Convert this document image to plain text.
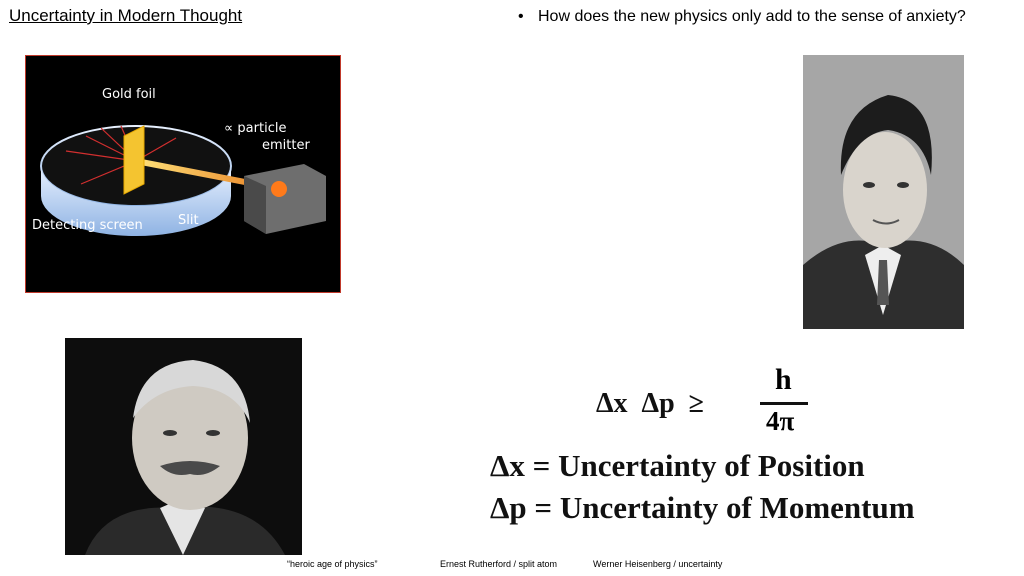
Uncertainty in Modern Thought	• How does the new physics only add to the sense of anxiety?
Gold foil
∝ particle
emitter
Detecting screen	Slit
Δx  Δp  ≥
h
4π
Δx = Uncertainty of Position
Δp = Uncertainty of Momentum
“heroic age of physics”	Ernest Rutherford / split atom	Werner Heisenberg / uncertainty
